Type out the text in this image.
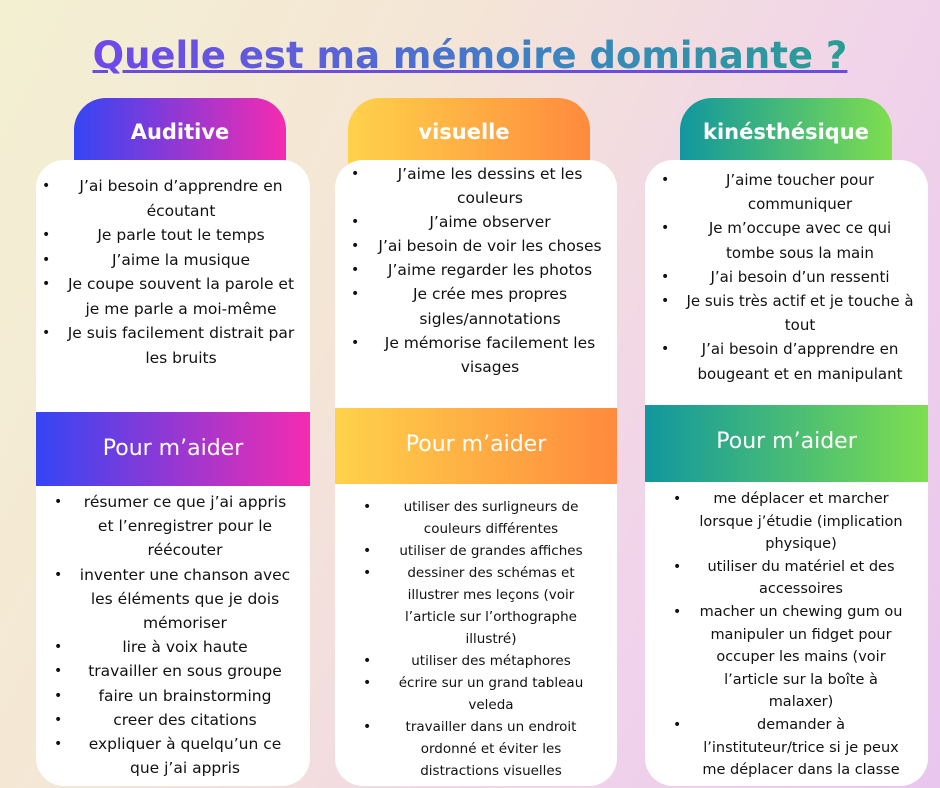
Quelle est ma mémoire dominante ?
Auditive
• J’ai besoin d’apprendre en écoutant
• Je parle tout le temps
• J’aime la musique
• Je coupe souvent la parole et je me parle a moi-même
• Je suis facilement distrait par les bruits
Pour m’aider
• résumer ce que j’ai appris et l’enregistrer pour le réécouter
• inventer une chanson avec les éléments que je dois mémoriser
• lire à voix haute
• travailler en sous groupe
• faire un brainstorming
• creer des citations
• expliquer à quelqu’un ce que j’ai appris
visuelle
• J’aime les dessins et les couleurs
• J’aime observer
• J’ai besoin de voir les choses
• J’aime regarder les photos
• Je crée mes propres sigles/annotations
• Je mémorise facilement les visages
Pour m’aider
• utiliser des surligneurs de couleurs différentes
• utiliser de grandes affiches
• dessiner des schémas et illustrer mes leçons (voir l’article sur l’orthographe illustré)
• utiliser des métaphores
• écrire sur un grand tableau veleda
• travailler dans un endroit ordonné et éviter les distractions visuelles
kinésthésique
• J’aime toucher pour communiquer
• Je m’occupe avec ce qui tombe sous la main
• J’ai besoin d’un ressenti
• Je suis très actif et je touche à tout
• J’ai besoin d’apprendre en bougeant et en manipulant
Pour m’aider
• me déplacer et marcher lorsque j’étudie (implication physique)
• utiliser du matériel et des accessoires
• macher un chewing gum ou manipuler un fidget pour occuper les mains (voir l’article sur la boîte à malaxer)
• demander à l’instituteur/trice si je peux me déplacer dans la classe
